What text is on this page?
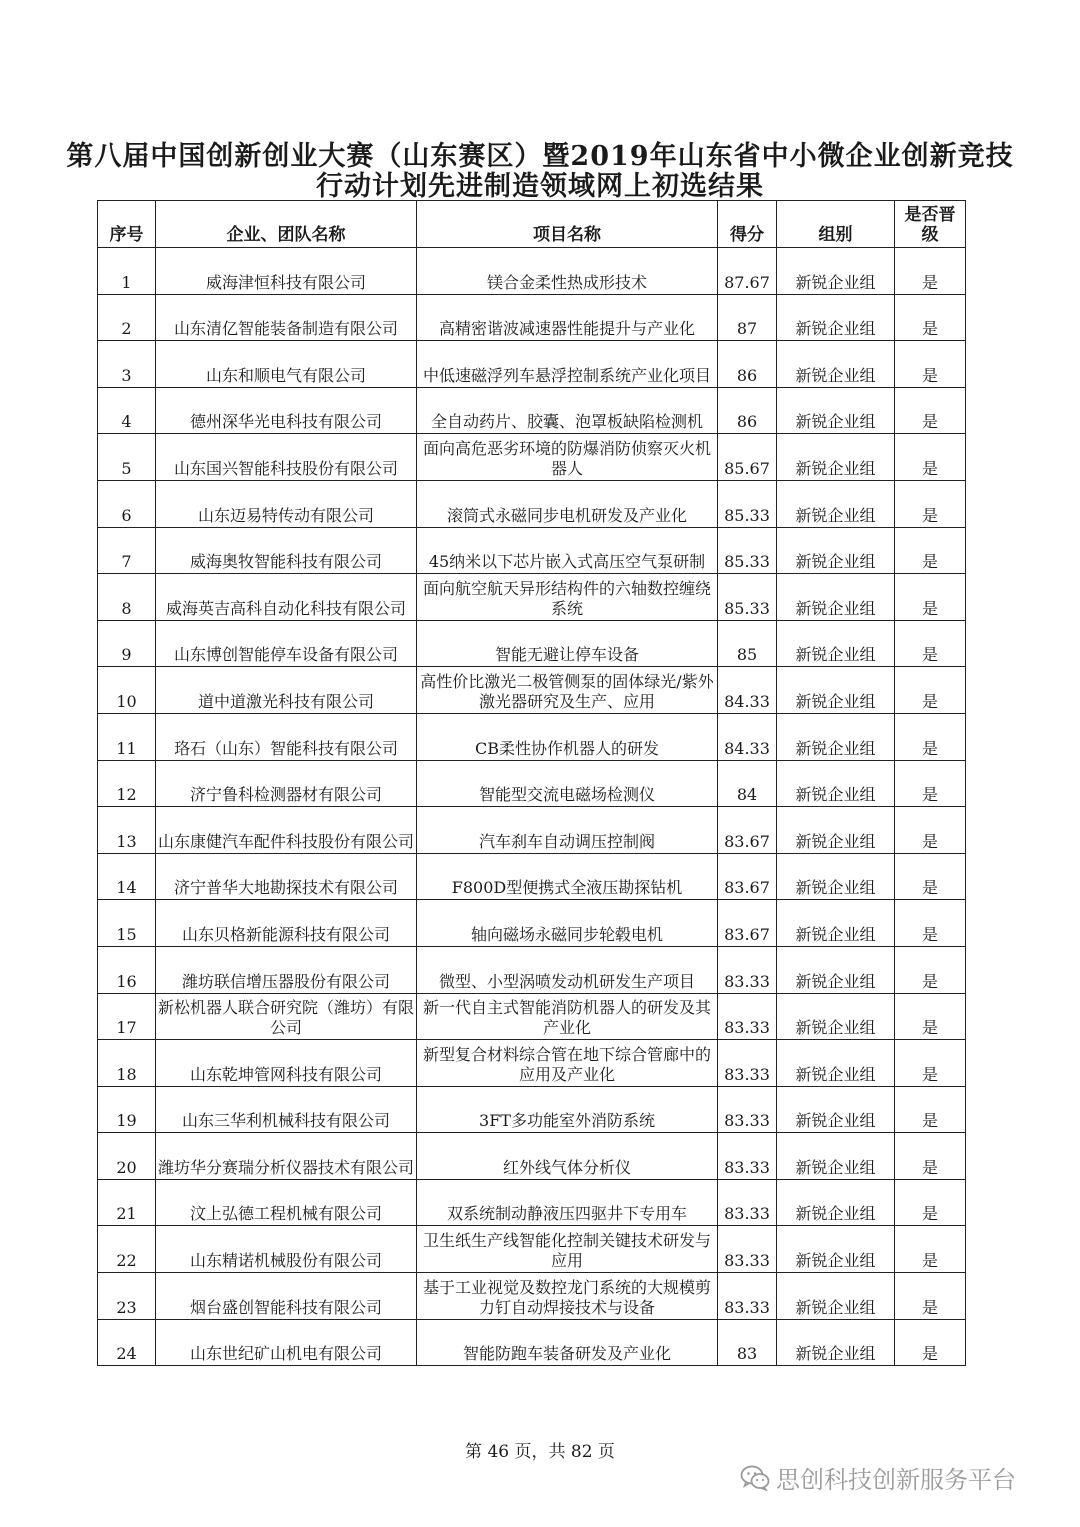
第八届中国创新创业大赛（山东赛区）暨2019年山东省中小微企业创新竞技
行动计划先进制造领域网上初选结果
序号	企业、团队名称	项目名称	得分	组别	是否晋级
1	威海津恒科技有限公司	镁合金柔性热成形技术	87.67	新锐企业组	是
2	山东清亿智能装备制造有限公司	高精密谐波减速器性能提升与产业化	87	新锐企业组	是
3	山东和顺电气有限公司	中低速磁浮列车悬浮控制系统产业化项目	86	新锐企业组	是
4	德州深华光电科技有限公司	全自动药片、胶囊、泡罩板缺陷检测机	86	新锐企业组	是
5	山东国兴智能科技股份有限公司	面向高危恶劣环境的防爆消防侦察灭火机器人	85.67	新锐企业组	是
6	山东迈易特传动有限公司	滚筒式永磁同步电机研发及产业化	85.33	新锐企业组	是
7	威海奥牧智能科技有限公司	45纳米以下芯片嵌入式高压空气泵研制	85.33	新锐企业组	是
8	威海英吉高科自动化科技有限公司	面向航空航天异形结构件的六轴数控缠绕系统	85.33	新锐企业组	是
9	山东博创智能停车设备有限公司	智能无避让停车设备	85	新锐企业组	是
10	道中道激光科技有限公司	高性价比激光二极管侧泵的固体绿光/紫外激光器研究及生产、应用	84.33	新锐企业组	是
11	珞石（山东）智能科技有限公司	CB柔性协作机器人的研发	84.33	新锐企业组	是
12	济宁鲁科检测器材有限公司	智能型交流电磁场检测仪	84	新锐企业组	是
13	山东康健汽车配件科技股份有限公司	汽车刹车自动调压控制阀	83.67	新锐企业组	是
14	济宁普华大地勘探技术有限公司	F800D型便携式全液压勘探钻机	83.67	新锐企业组	是
15	山东贝格新能源科技有限公司	轴向磁场永磁同步轮毂电机	83.67	新锐企业组	是
16	潍坊联信增压器股份有限公司	微型、小型涡喷发动机研发生产项目	83.33	新锐企业组	是
17	新松机器人联合研究院（潍坊）有限公司	新一代自主式智能消防机器人的研发及其产业化	83.33	新锐企业组	是
18	山东乾坤管网科技有限公司	新型复合材料综合管在地下综合管廊中的应用及产业化	83.33	新锐企业组	是
19	山东三华利机械科技有限公司	3FT多功能室外消防系统	83.33	新锐企业组	是
20	潍坊华分赛瑞分析仪器技术有限公司	红外线气体分析仪	83.33	新锐企业组	是
21	汶上弘德工程机械有限公司	双系统制动静液压四驱井下专用车	83.33	新锐企业组	是
22	山东精诺机械股份有限公司	卫生纸生产线智能化控制关键技术研发与应用	83.33	新锐企业组	是
23	烟台盛创智能科技有限公司	基于工业视觉及数控龙门系统的大规模剪力钉自动焊接技术与设备	83.33	新锐企业组	是
24	山东世纪矿山机电有限公司	智能防跑车装备研发及产业化	83	新锐企业组	是
第 46 页，共 82 页
思创科技创新服务平台
